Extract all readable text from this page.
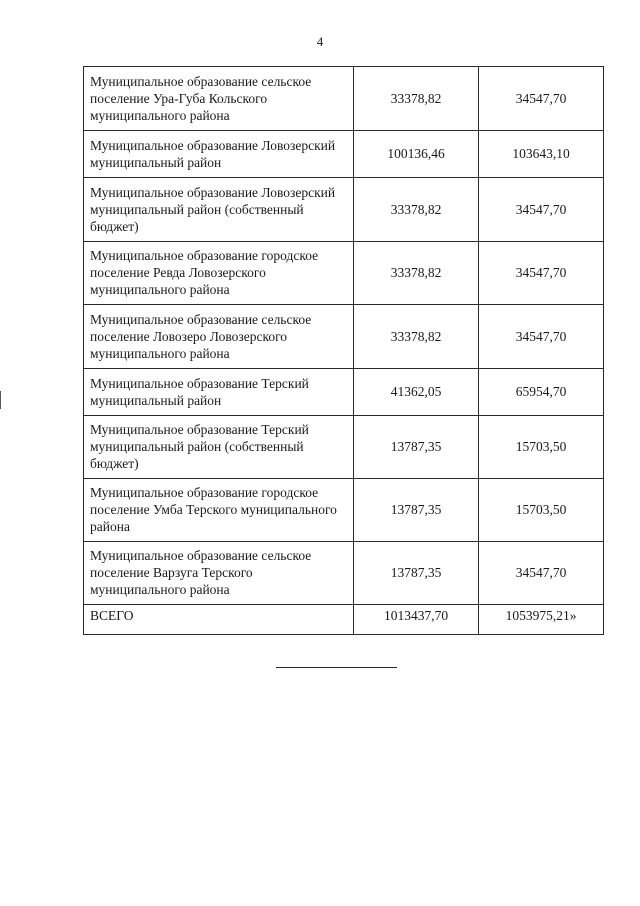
4
Муниципальное образование сельское поселение Ура-Губа Кольского муниципального района	33378,82	34547,70
Муниципальное образование Ловозерский муниципальный район	100136,46	103643,10
Муниципальное образование Ловозерский муниципальный район (собственный бюджет)	33378,82	34547,70
Муниципальное образование городское поселение Ревда Ловозерского муниципального района	33378,82	34547,70
Муниципальное образование сельское поселение Ловозеро Ловозерского муниципального района	33378,82	34547,70
Муниципальное образование Терский муниципальный район	41362,05	65954,70
Муниципальное образование Терский муниципальный район (собственный бюджет)	13787,35	15703,50
Муниципальное образование городское поселение Умба Терского муниципального района	13787,35	15703,50
Муниципальное образование сельское поселение Варзуга Терского муниципального района	13787,35	34547,70
ВСЕГО	1013437,70	1053975,21»
